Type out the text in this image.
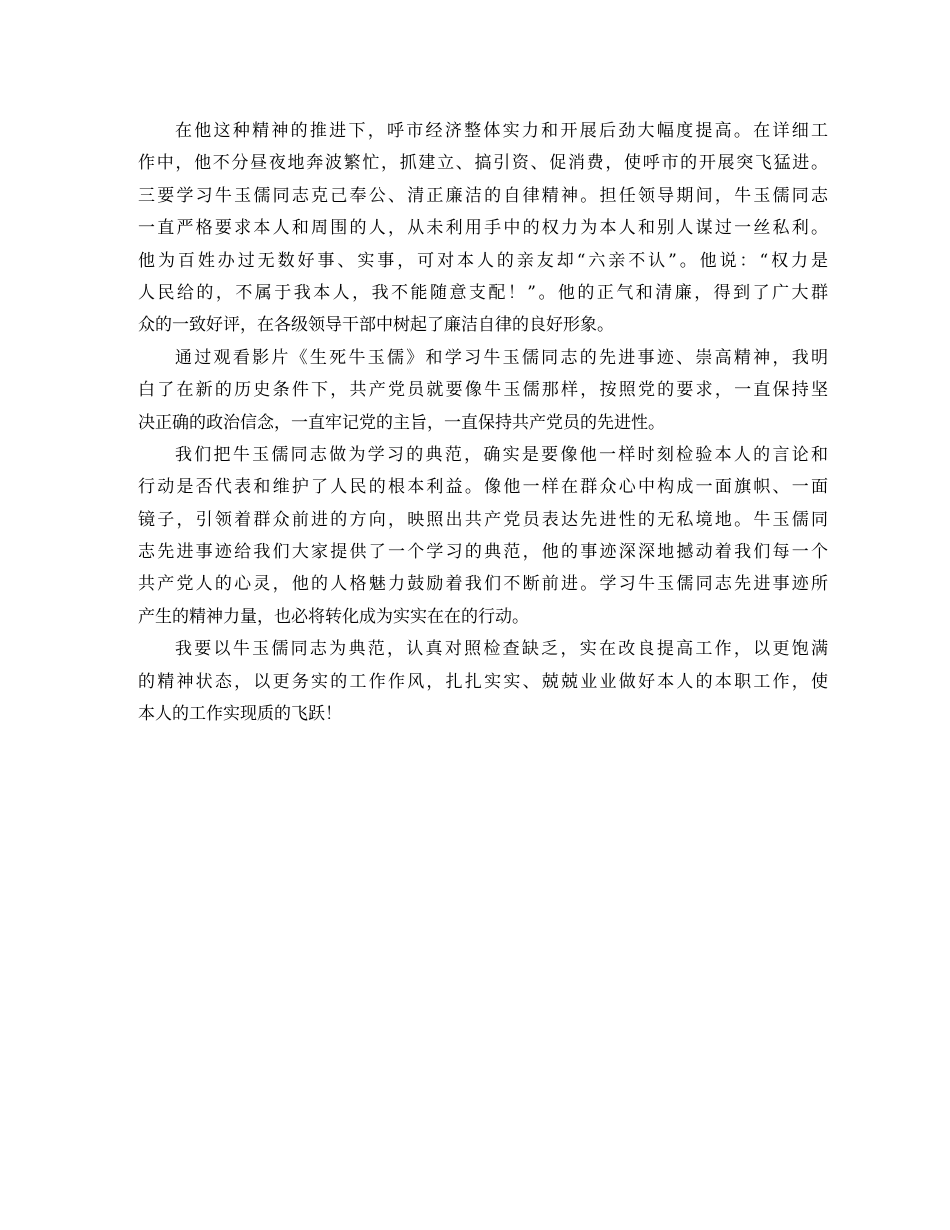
在他这种精神的推进下，呼市经济整体实力和开展后劲大幅度提高。在详细工
作中，他不分昼夜地奔波繁忙，抓建立、搞引资、促消费，使呼市的开展突飞猛进。
三要学习牛玉儒同志克己奉公、清正廉洁的自律精神。担任领导期间，牛玉儒同志
一直严格要求本人和周围的人，从未利用手中的权力为本人和别人谋过一丝私利。
他为百姓办过无数好事、实事，可对本人的亲友却“六亲不认”。他说：“权力是
人民给的，不属于我本人，我不能随意支配！”。他的正气和清廉，得到了广大群
众的一致好评，在各级领导干部中树起了廉洁自律的良好形象。
通过观看影片《生死牛玉儒》和学习牛玉儒同志的先进事迹、崇高精神，我明
白了在新的历史条件下，共产党员就要像牛玉儒那样，按照党的要求，一直保持坚
决正确的政治信念，一直牢记党的主旨，一直保持共产党员的先进性。
我们把牛玉儒同志做为学习的典范，确实是要像他一样时刻检验本人的言论和
行动是否代表和维护了人民的根本利益。像他一样在群众心中构成一面旗帜、一面
镜子，引领着群众前进的方向，映照出共产党员表达先进性的无私境地。牛玉儒同
志先进事迹给我们大家提供了一个学习的典范，他的事迹深深地撼动着我们每一个
共产党人的心灵，他的人格魅力鼓励着我们不断前进。学习牛玉儒同志先进事迹所
产生的精神力量，也必将转化成为实实在在的行动。
我要以牛玉儒同志为典范，认真对照检查缺乏，实在改良提高工作，以更饱满
的精神状态，以更务实的工作作风，扎扎实实、兢兢业业做好本人的本职工作，使
本人的工作实现质的飞跃！
